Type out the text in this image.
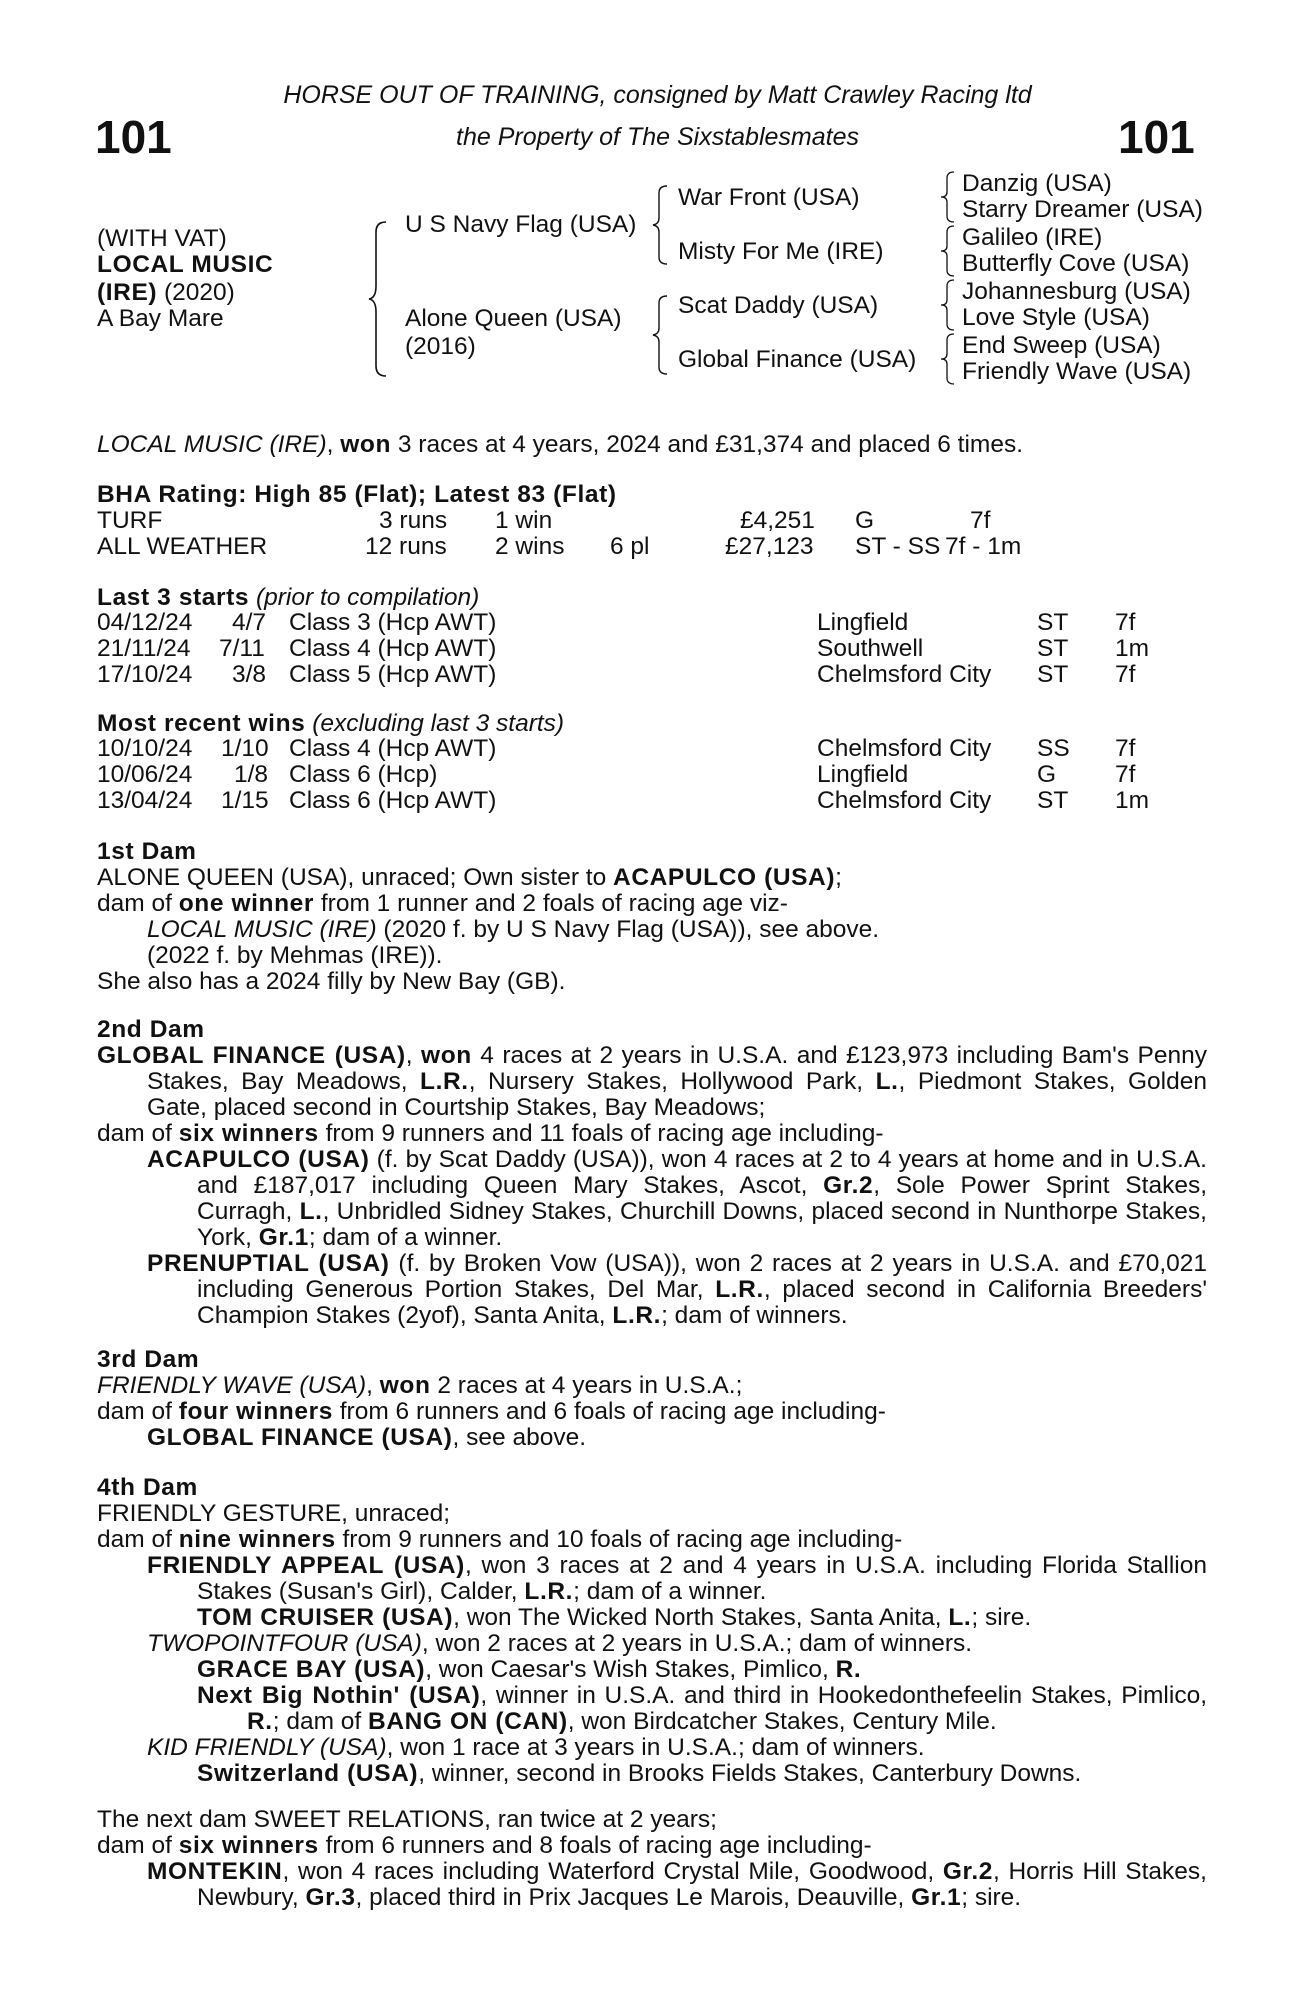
101	101
HORSE OUT OF TRAINING, consigned by Matt Crawley Racing ltd
the Property of The Sixstablesmates
(WITH VAT)
LOCAL MUSIC
(IRE) (2020)
A Bay Mare
U S Navy Flag (USA)
Alone Queen (USA)
(2016)
War Front (USA)
Misty For Me (IRE)
Scat Daddy (USA)
Global Finance (USA)
Danzig (USA)
Starry Dreamer (USA)
Galileo (IRE)
Butterfly Cove (USA)
Johannesburg (USA)
Love Style (USA)
End Sweep (USA)
Friendly Wave (USA)
LOCAL MUSIC (IRE), won 3 races at 4 years, 2024 and £31,374 and placed 6 times.
BHA Rating: High 85 (Flat); Latest 83 (Flat)
TURF	3 runs 1 win	£4,251 G	7f
ALL WEATHER	12 runs 2 wins 6 pl	£27,123 ST - SS 7f - 1m
Last 3 starts (prior to compilation)
04/12/24 4/7 Class 3 (Hcp AWT)	Lingfield	ST 7f
21/11/24 7/11 Class 4 (Hcp AWT)	Southwell	ST 1m
17/10/24 3/8 Class 5 (Hcp AWT)	Chelmsford City ST 7f
Most recent wins (excluding last 3 starts)
10/10/24 1/10 Class 4 (Hcp AWT)	Chelmsford City SS 7f
10/06/24 1/8 Class 6 (Hcp)	Lingfield	G 7f
13/04/24 1/15 Class 6 (Hcp AWT)	Chelmsford City ST 1m

1st Dam

ALONE QUEEN (USA), unraced; Own sister to ACAPULCO (USA);

dam of one winner from 1 runner and 2 foals of racing age viz-

LOCAL MUSIC (IRE) (2020 f. by U S Navy Flag (USA)), see above.

(2022 f. by Mehmas (IRE)).

She also has a 2024 filly by New Bay (GB).

2nd Dam

GLOBAL FINANCE (USA), won 4 races at 2 years in U.S.A. and £123,973 including Bam's Penny Stakes, Bay Meadows, L.R., Nursery Stakes, Hollywood Park, L., Piedmont Stakes, Golden Gate, placed second in Courtship Stakes, Bay Meadows;

dam of six winners from 9 runners and 11 foals of racing age including-

ACAPULCO (USA) (f. by Scat Daddy (USA)), won 4 races at 2 to 4 years at home and in U.S.A. and £187,017 including Queen Mary Stakes, Ascot, Gr.2, Sole Power Sprint Stakes, Curragh, L., Unbridled Sidney Stakes, Churchill Downs, placed second in Nunthorpe Stakes, York, Gr.1; dam of a winner.

PRENUPTIAL (USA) (f. by Broken Vow (USA)), won 2 races at 2 years in U.S.A. and £70,021 including Generous Portion Stakes, Del Mar, L.R., placed second in California Breeders' Champion Stakes (2yof), Santa Anita, L.R.; dam of winners.

3rd Dam

FRIENDLY WAVE (USA), won 2 races at 4 years in U.S.A.;

dam of four winners from 6 runners and 6 foals of racing age including-

GLOBAL FINANCE (USA), see above.

4th Dam

FRIENDLY GESTURE, unraced;

dam of nine winners from 9 runners and 10 foals of racing age including-

FRIENDLY APPEAL (USA), won 3 races at 2 and 4 years in U.S.A. including Florida Stallion Stakes (Susan's Girl), Calder, L.R.; dam of a winner.

TOM CRUISER (USA), won The Wicked North Stakes, Santa Anita, L.; sire.

TWOPOINTFOUR (USA), won 2 races at 2 years in U.S.A.; dam of winners.

GRACE BAY (USA), won Caesar's Wish Stakes, Pimlico, R.

Next Big Nothin' (USA), winner in U.S.A. and third in Hookedonthefeelin Stakes, Pimlico, R.; dam of BANG ON (CAN), won Birdcatcher Stakes, Century Mile.

KID FRIENDLY (USA), won 1 race at 3 years in U.S.A.; dam of winners.

Switzerland (USA), winner, second in Brooks Fields Stakes, Canterbury Downs.

The next dam SWEET RELATIONS, ran twice at 2 years;

dam of six winners from 6 runners and 8 foals of racing age including-

MONTEKIN, won 4 races including Waterford Crystal Mile, Goodwood, Gr.2, Horris Hill Stakes, Newbury, Gr.3, placed third in Prix Jacques Le Marois, Deauville, Gr.1; sire.
